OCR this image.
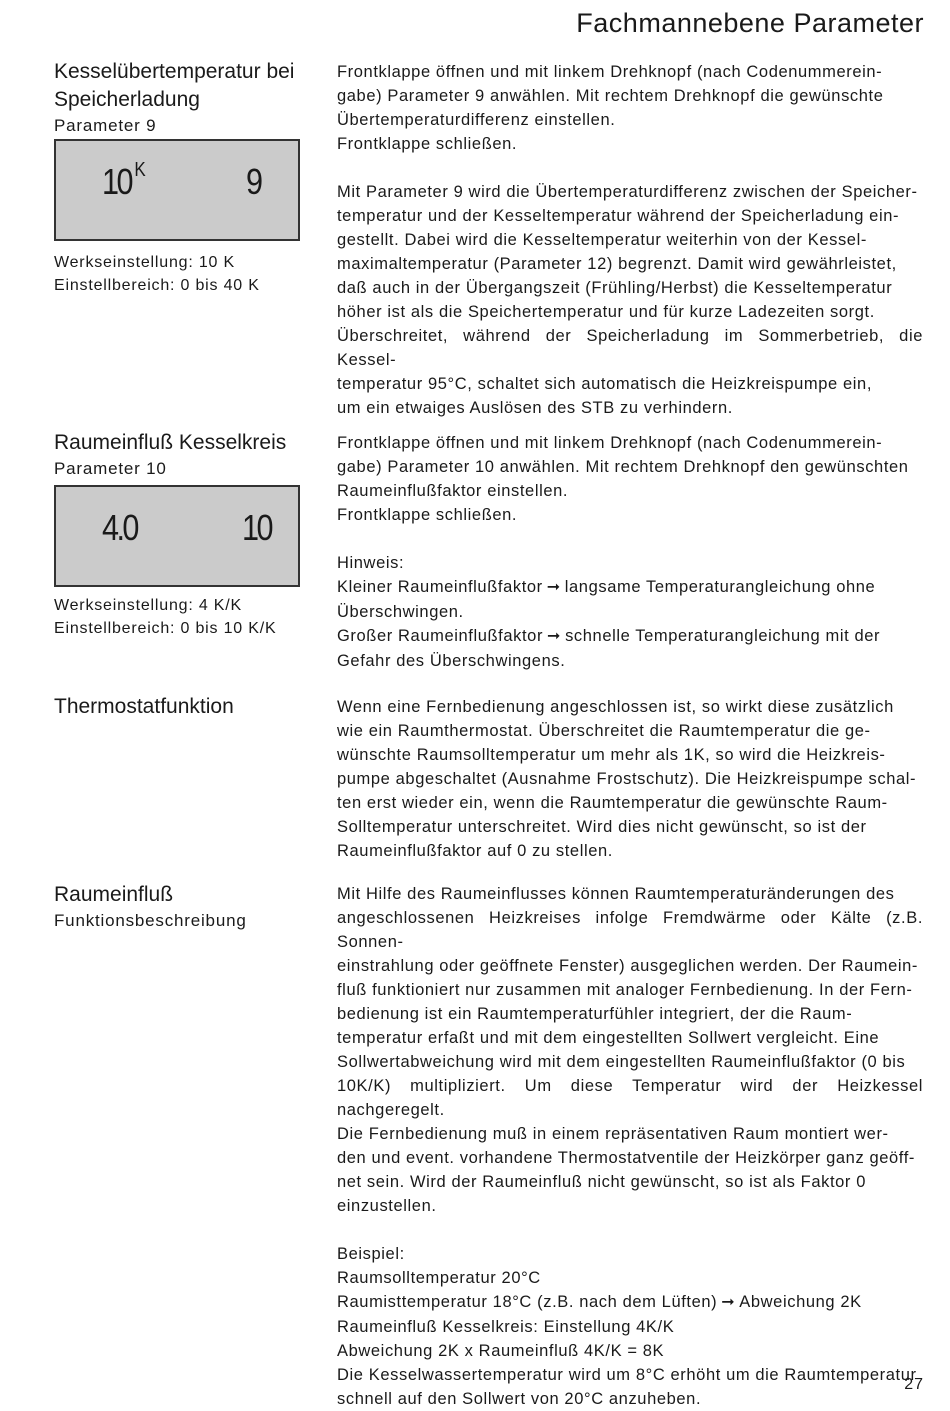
Fachmannebene Parameter
Kesselübertemperatur bei
Speicherladung
Parameter 9
10 $^K$	9
Werkseinstellung: 10 K
Einstellbereich: 0 bis 40 K

Frontklappe öffnen und mit linkem Drehknopf (nach Codenummerein-

gabe) Parameter 9 anwählen. Mit rechtem Drehknopf die gewünschte

Übertemperaturdifferenz einstellen.

Frontklappe schließen.

Mit Parameter 9 wird die Übertemperaturdifferenz zwischen der Speicher-

temperatur und der Kesseltemperatur während der Speicherladung ein-

gestellt. Dabei wird die Kesseltemperatur weiterhin von der Kessel-

maximaltemperatur (Parameter 12) begrenzt. Damit wird gewährleistet,

daß auch in der Übergangszeit (Frühling/Herbst) die Kesseltemperatur

höher ist als die Speichertemperatur und für kurze Ladezeiten sorgt.

Überschreitet, während der Speicherladung im Sommerbetrieb, die Kessel-

temperatur 95°C, schaltet sich automatisch die Heizkreispumpe ein,

um ein etwaiges Auslösen des STB zu verhindern.

Raumeinfluß Kesselkreis
Parameter 10
4.0	10
Werkseinstellung: 4 K/K
Einstellbereich: 0 bis 10 K/K

Frontklappe öffnen und mit linkem Drehknopf (nach Codenummerein-

gabe) Parameter 10 anwählen. Mit rechtem Drehknopf den gewünschten

Raumeinflußfaktor einstellen.

Frontklappe schließen.

Hinweis:

Kleiner Raumeinflußfaktor ➞ langsame Temperaturangleichung ohne

Überschwingen.

Großer Raumeinflußfaktor ➞ schnelle Temperaturangleichung mit der

Gefahr des Überschwingens.

Thermostatfunktion	Wenn eine Fernbedienung angeschlossen ist, so wirkt diese zusätzlich

wie ein Raumthermostat. Überschreitet die Raumtemperatur die ge-

wünschte Raumsolltemperatur um mehr als 1K, so wird die Heizkreis-

pumpe abgeschaltet (Ausnahme Frostschutz). Die Heizkreispumpe schal-

ten erst wieder ein, wenn die Raumtemperatur die gewünschte Raum-

Solltemperatur unterschreitet. Wird dies nicht gewünscht, so ist der

Raumeinflußfaktor auf 0 zu stellen.

Raumeinfluß
Funktionsbeschreibung

Mit Hilfe des Raumeinflusses können Raumtemperaturänderungen des

angeschlossenen Heizkreises infolge Fremdwärme oder Kälte (z.B. Sonnen-

einstrahlung oder geöffnete Fenster) ausgeglichen werden. Der Raumein-

fluß funktioniert nur zusammen mit analoger Fernbedienung. In der Fern-

bedienung ist ein Raumtemperaturfühler integriert, der die Raum-

temperatur erfaßt und mit dem eingestellten Sollwert vergleicht. Eine

Sollwertabweichung wird mit dem eingestellten Raumeinflußfaktor (0 bis

10K/K) multipliziert. Um diese Temperatur wird der Heizkessel nachgeregelt.

Die Fernbedienung muß in einem repräsentativen Raum montiert wer-

den und event. vorhandene Thermostatventile der Heizkörper ganz geöff-

net sein. Wird der Raumeinfluß nicht gewünscht, so ist als Faktor 0

einzustellen.

Beispiel:

Raumsolltemperatur 20°C

Raumisttemperatur 18°C (z.B. nach dem Lüften) ➞ Abweichung 2K

Raumeinfluß Kesselkreis: Einstellung 4K/K

Abweichung 2K x Raumeinfluß 4K/K = 8K

Die Kesselwassertemperatur wird um 8°C erhöht um die Raumtemperatur

schnell auf den Sollwert von 20°C anzuheben.

27
